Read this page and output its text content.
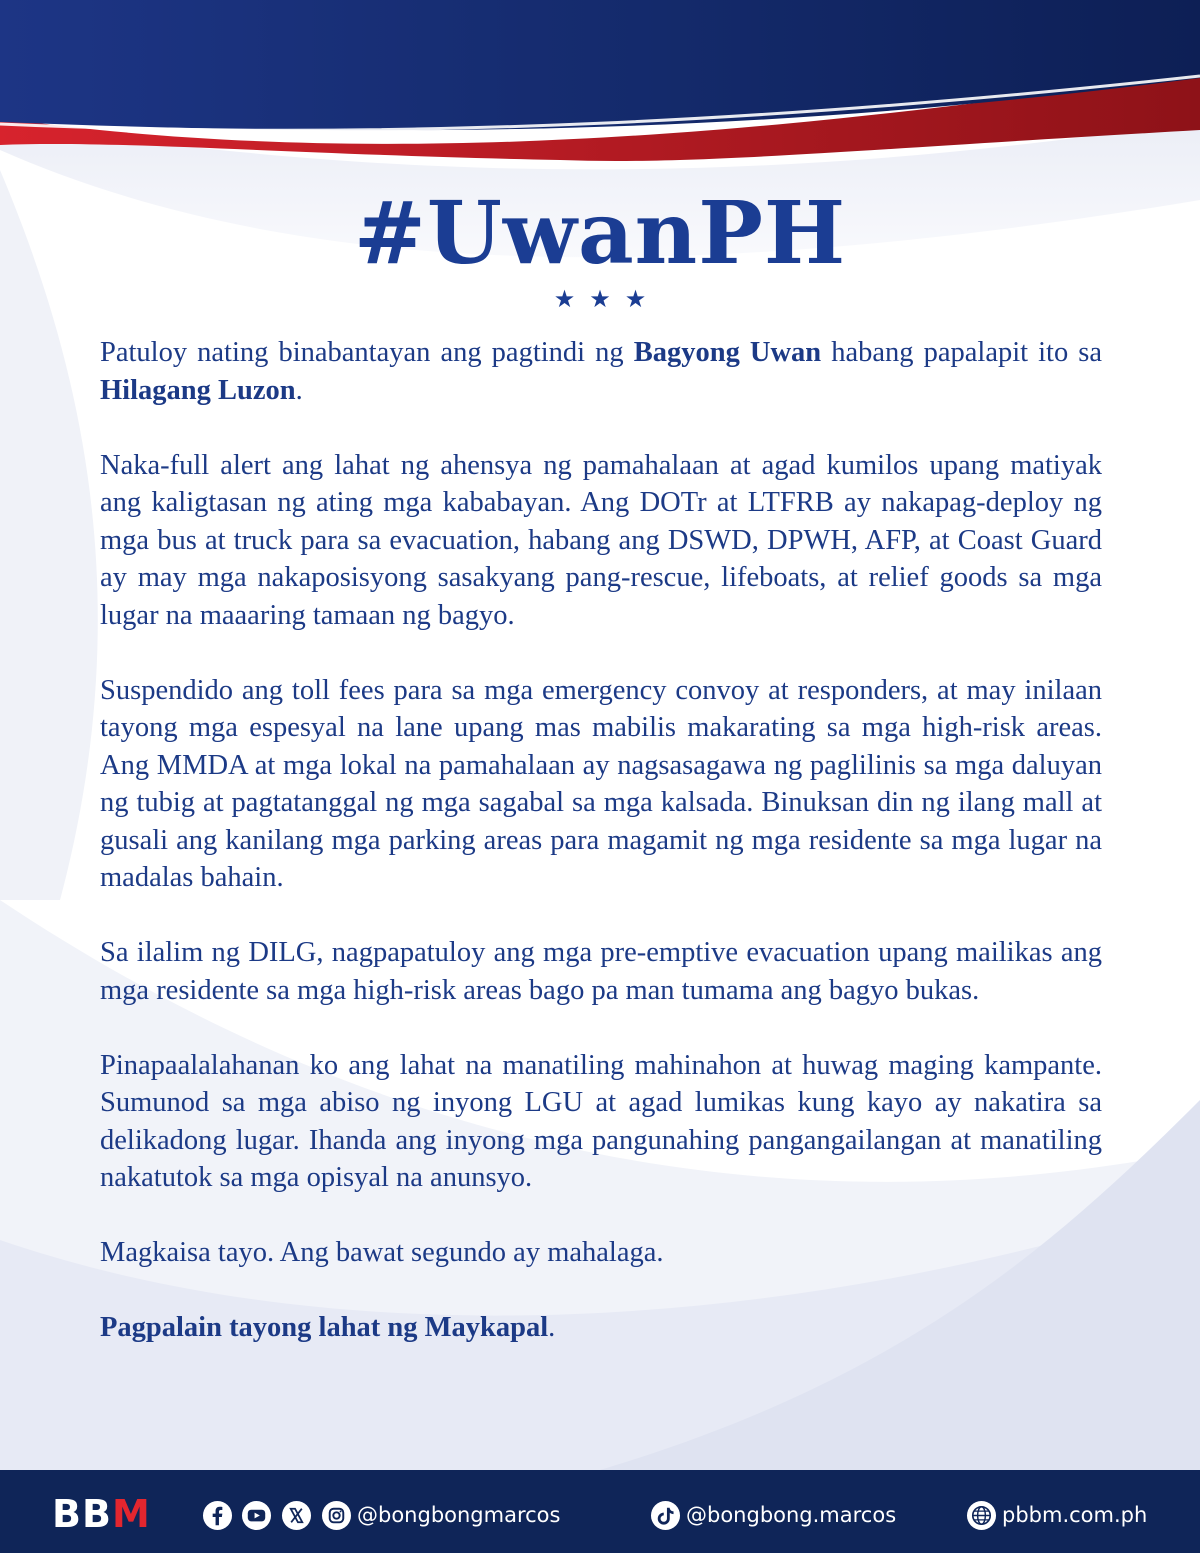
#UwanPH
★★★

Patuloy nating binabantayan ang pagtindi ng Bagyong Uwan habang papalapit ito sa Hilagang Luzon.

Naka-full alert ang lahat ng ahensya ng pamahalaan at agad kumilos upang matiyak ang kaligtasan ng ating mga kababayan. Ang DOTr at LTFRB ay nakapag-deploy ng mga bus at truck para sa evacuation, habang ang DSWD, DPWH, AFP, at Coast Guard ay may mga nakaposisyong sasakyang pang-rescue, lifeboats, at relief goods sa mga lugar na maaaring tamaan ng bagyo.

Suspendido ang toll fees para sa mga emergency convoy at responders, at may inilaan tayong mga espesyal na lane upang mas mabilis makarating sa mga high-risk areas. Ang MMDA at mga lokal na pamahalaan ay nagsasagawa ng paglilinis sa mga daluyan ng tubig at pagtatanggal ng mga sagabal sa mga kalsada. Binuksan din ng ilang mall at gusali ang kanilang mga parking areas para magamit ng mga residente sa mga lugar na madalas bahain.

Sa ilalim ng DILG, nagpapatuloy ang mga pre-emptive evacuation upang mailikas ang mga residente sa mga high-risk areas bago pa man tumama ang bagyo bukas.

Pinapaalalahanan ko ang lahat na manatiling mahinahon at huwag maging kampante. Sumunod sa mga abiso ng inyong LGU at agad lumikas kung kayo ay nakatira sa delikadong lugar. Ihanda ang inyong mga pangunahing pangangailangan at manatiling nakatutok sa mga opisyal na anunsyo.

Magkaisa tayo. Ang bawat segundo ay mahalaga.

Pagpalain tayong lahat ng Maykapal.

BBM	@bongbongmarcos	@bongbong.marcos	pbbm.com.ph
